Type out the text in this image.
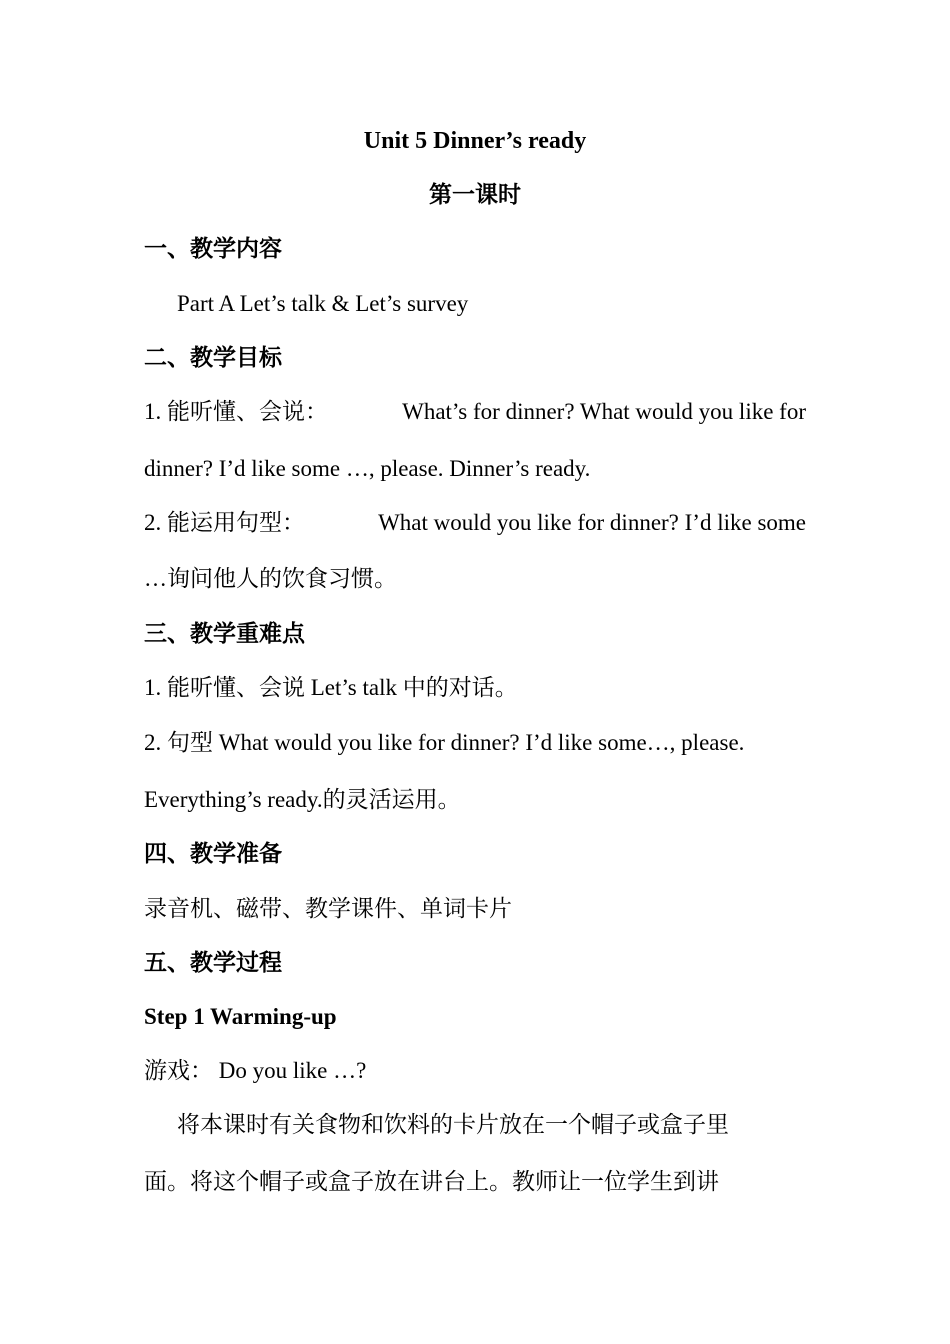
Unit 5 Dinner’s ready
第一课时
一、教学内容
Part A Let’s talk & Let’s survey
二、教学目标
1. 能听懂、会说：	What’s for dinner? What would you like for
dinner? I’d like some …, please. Dinner’s ready.
2. 能运用句型：	What would you like for dinner? I’d like some
…询问他人的饮食习惯。
三、教学重难点
1. 能听懂、会说 Let’s talk 中的对话。
2. 句型 What would you like for dinner? I’d like some…, please.
Everything’s ready.的灵活运用。
四、教学准备
录音机、磁带、教学课件、单词卡片
五、教学过程
Step 1 Warming-up
游戏： Do you like …?
将本课时有关食物和饮料的卡片放在一个帽子或盒子里
面。将这个帽子或盒子放在讲台上。教师让一位学生到讲
